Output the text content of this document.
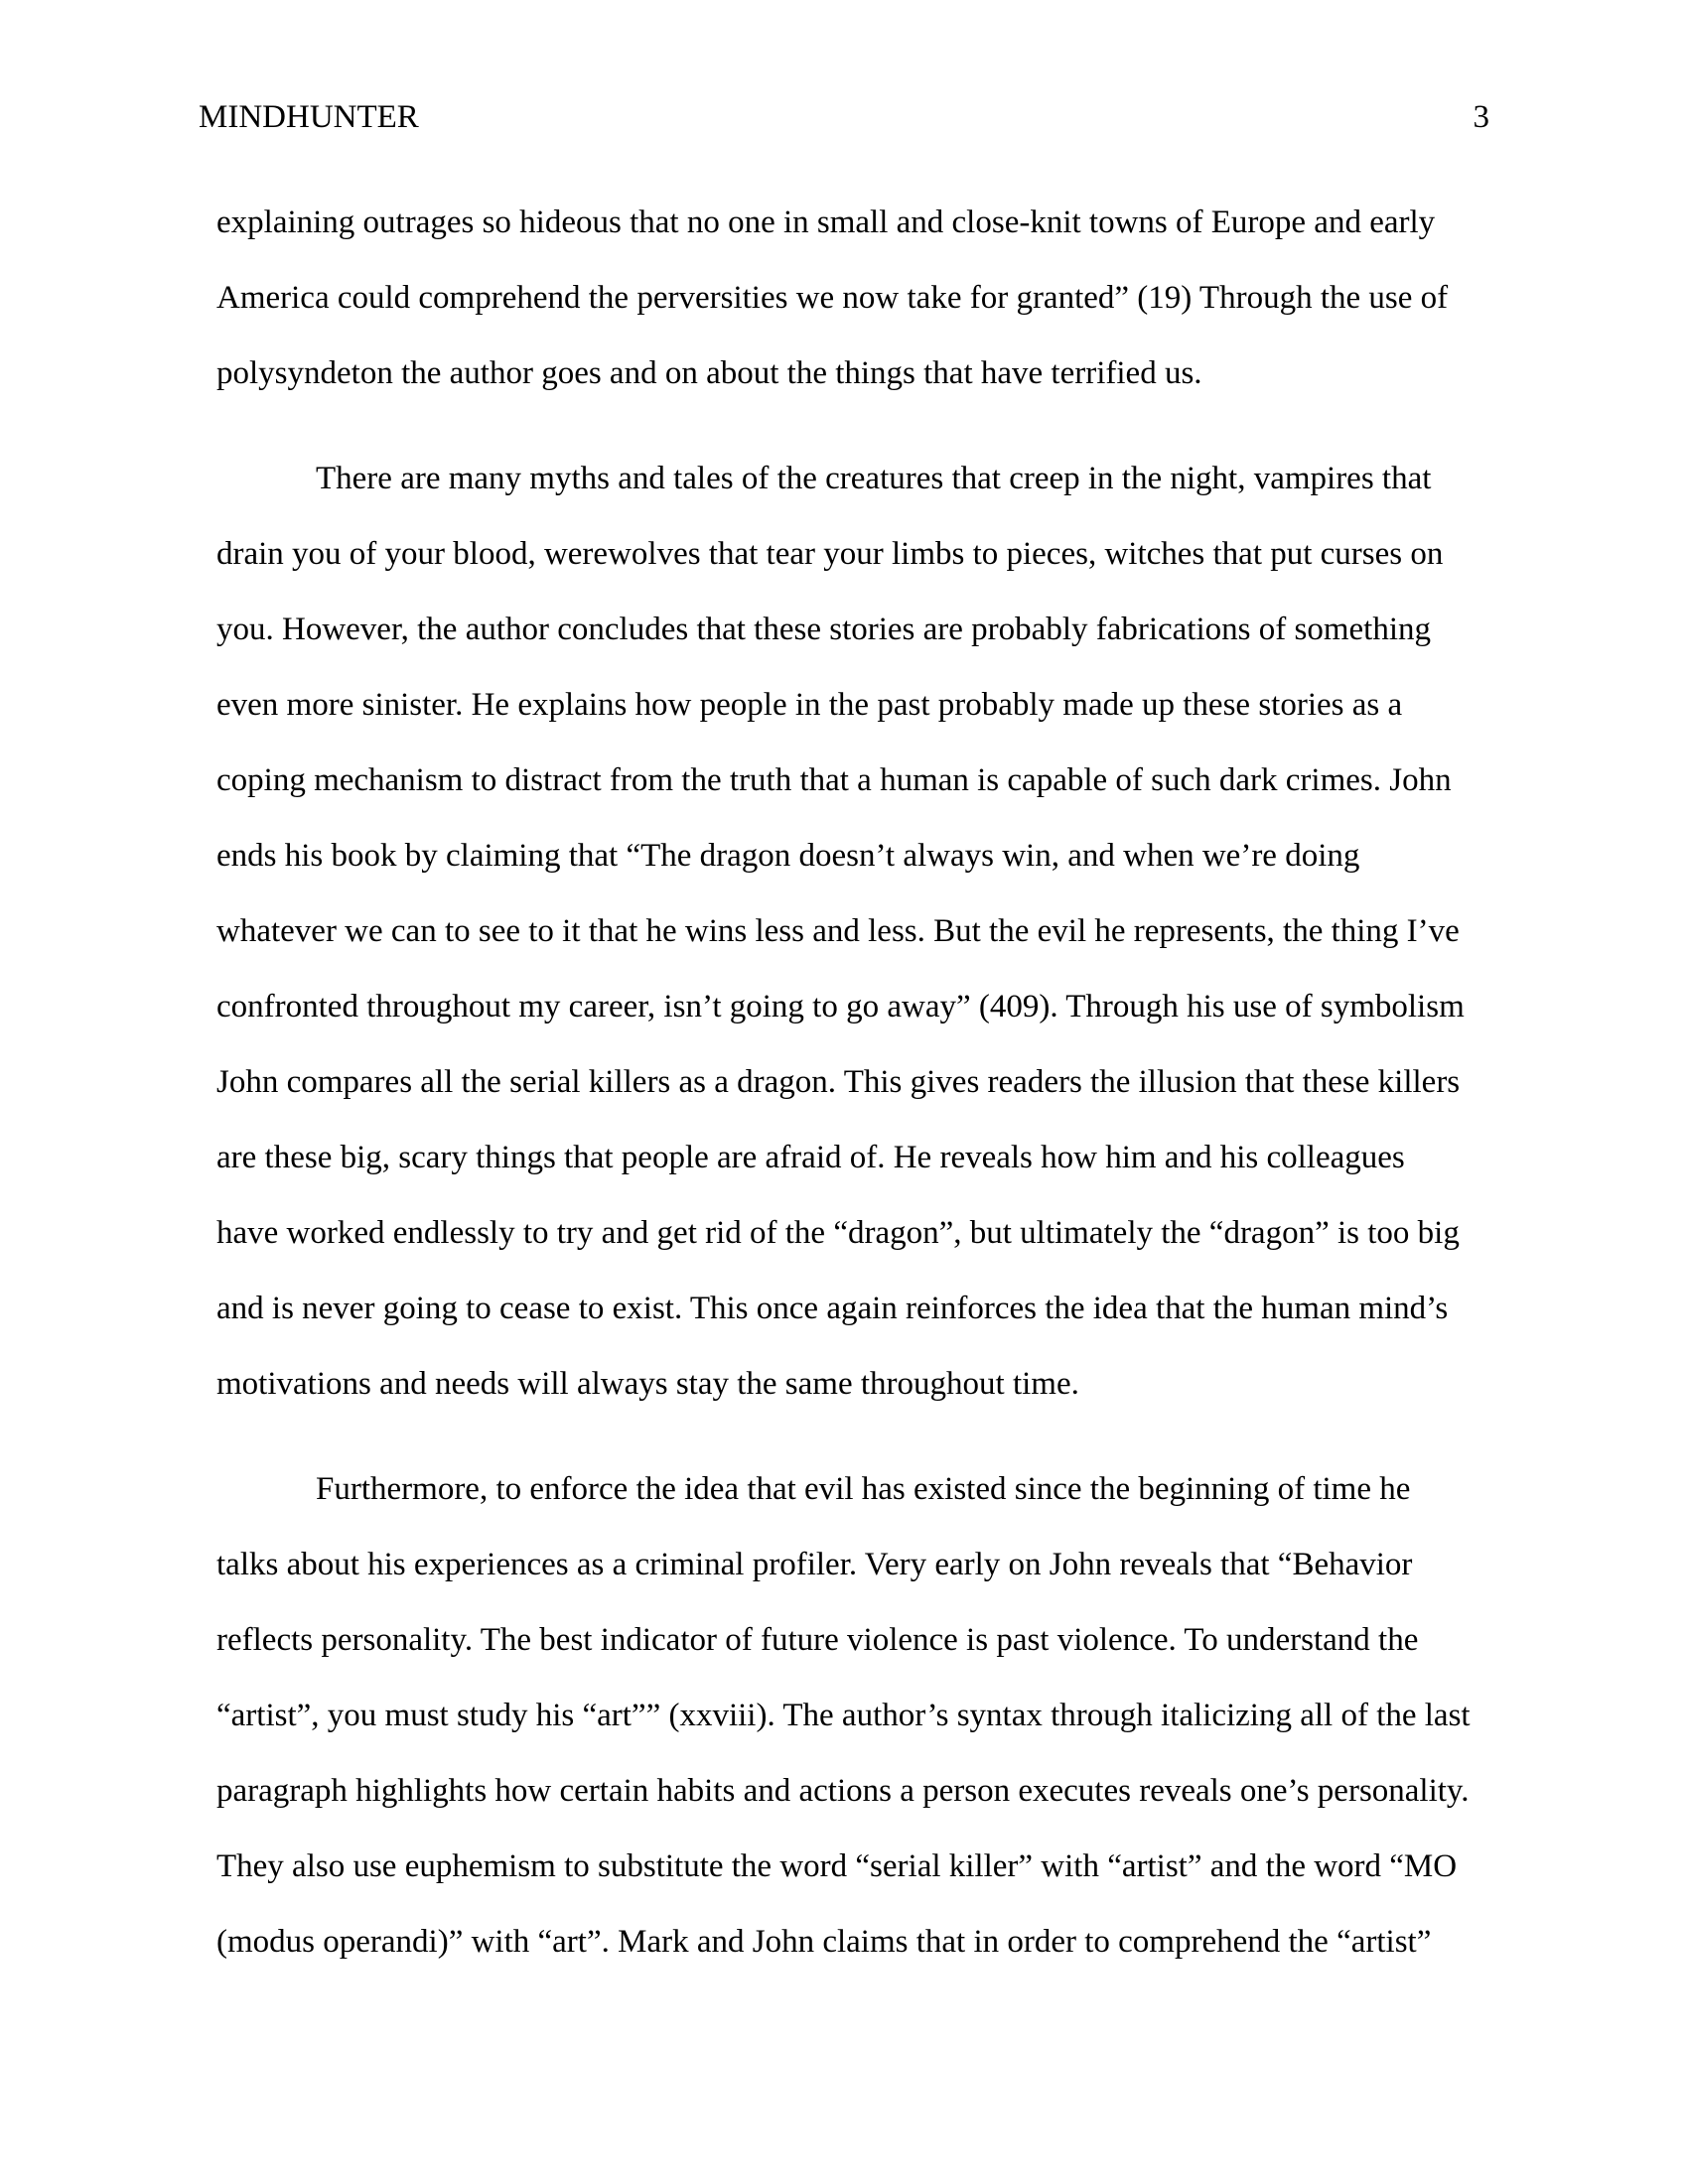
MINDHUNTER	3
explaining outrages so hideous that no one in small and close-knit towns of Europe and early
America could comprehend the perversities we now take for granted” (19) Through the use of
polysyndeton the author goes and on about the things that have terrified us.
There are many myths and tales of the creatures that creep in the night, vampires that
drain you of your blood, werewolves that tear your limbs to pieces, witches that put curses on
you. However, the author concludes that these stories are probably fabrications of something
even more sinister. He explains how people in the past probably made up these stories as a
coping mechanism to distract from the truth that a human is capable of such dark crimes. John
ends his book by claiming that “The dragon doesn’t always win, and when we’re doing
whatever we can to see to it that he wins less and less. But the evil he represents, the thing I’ve
confronted throughout my career, isn’t going to go away” (409). Through his use of symbolism
John compares all the serial killers as a dragon. This gives readers the illusion that these killers
are these big, scary things that people are afraid of. He reveals how him and his colleagues
have worked endlessly to try and get rid of the “dragon”, but ultimately the “dragon” is too big
and is never going to cease to exist. This once again reinforces the idea that the human mind’s
motivations and needs will always stay the same throughout time.
Furthermore, to enforce the idea that evil has existed since the beginning of time he
talks about his experiences as a criminal profiler. Very early on John reveals that “Behavior
reflects personality. The best indicator of future violence is past violence. To understand the
“artist”, you must study his “art”” (xxviii). The author’s syntax through italicizing all of the last
paragraph highlights how certain habits and actions a person executes reveals one’s personality.
They also use euphemism to substitute the word “serial killer” with “artist” and the word “MO
(modus operandi)” with “art”. Mark and John claims that in order to comprehend the “artist”
